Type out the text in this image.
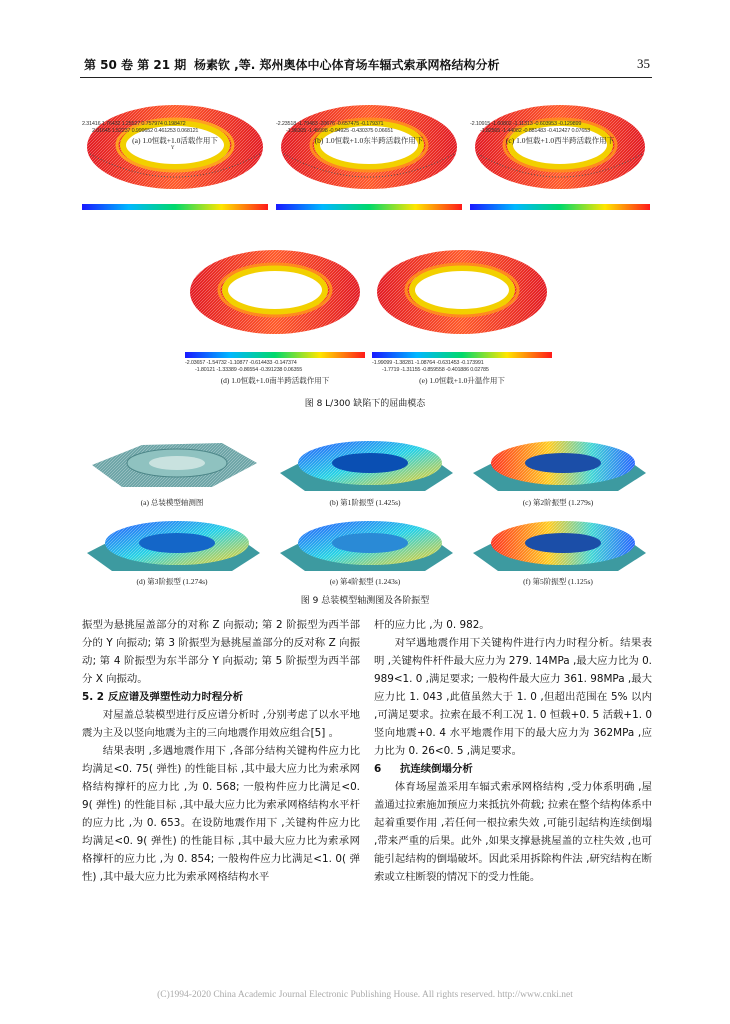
第 50 卷 第 21 期 杨素钦 ,等. 郑州奥体中心体育场车辐式索承网格结构分析	35
Y
2.31416 1.76432 1.25527 0.757974 0.198472
2.01645 1.52237 0.999652 0.461253 0.068121
(a) 1.0恒载+1.0活载作用下
-2.23518 -1.79483 -20676 -0.657475 -0.179371
-1.96305 -1.45998 -0.94925 -0.430375 0.06651
(b) 1.0恒载+1.0东半跨活载作用下
-2.10915 -1.60802 -1.11313 -0.603953 -0.129899
-1.82565 -1.44082 -0.881483 -0.412427 0.07653
(c) 1.0恒载+1.0西半跨活载作用下
-2.03657 -1.54732 -1.10877 -0.614433 -0.147374
-1.80121 -1.33389 -0.86554 -0.391238 0.06355
(d) 1.0恒载+1.0南半跨活载作用下
-1.99099 -1.38281 -1.08764 -0.631453 -0.173991
-1.7719 -1.31155 -0.859558 -0.401886 0.02785
(e) 1.0恒载+1.0升温作用下
图 8 L/300 缺陷下的屈曲模态
(a) 总装模型轴测图	(b) 第1阶振型 (1.425s)	(c) 第2阶振型 (1.279s)
(d) 第3阶振型 (1.274s)	(e) 第4阶振型 (1.243s)	(f) 第5阶振型 (1.125s)
图 9 总装模型轴测图及各阶振型

振型为悬挑屋盖部分的对称 Z 向振动; 第 2 阶振型为西半部分的 Y 向振动; 第 3 阶振型为悬挑屋盖部分的反对称 Z 向振动; 第 4 阶振型为东半部分 Y 向振动; 第 5 阶振型为西半部分 X 向振动。

5. 2 反应谱及弹塑性动力时程分析

对屋盖总装模型进行反应谱分析时 ,分别考虑了以水平地震为主及以竖向地震为主的三向地震作用效应组合[5] 。

结果表明 ,多遇地震作用下 ,各部分结构关键构件应力比均满足<0. 75( 弹性) 的性能目标 ,其中最大应力比为索承网格结构撑杆的应力比 ,为 0. 568; 一般构件应力比满足<0. 9( 弹性) 的性能目标 ,其中最大应力比为索承网格结构水平杆的应力比 ,为 0. 653。在设防地震作用下 ,关键构件应力比均满足<0. 9( 弹性) 的性能目标 ,其中最大应力比为索承网格撑杆的应力比 ,为 0. 854; 一般构件应力比满足<1. 0( 弹性) ,其中最大应力比为索承网格结构水平

杆的应力比 ,为 0. 982。

对罕遇地震作用下关键构件进行内力时程分析。结果表明 ,关键构件杆件最大应力为 279. 14MPa ,最大应力比为 0. 989<1. 0 ,满足要求; 一般构件最大应力 361. 98MPa ,最大应力比 1. 043 ,此值虽然大于 1. 0 ,但超出范围在 5% 以内 ,可满足要求。拉索在最不利工况 1. 0 恒载+0. 5 活载+1. 0 竖向地震+0. 4 水平地震作用下的最大应力为 362MPa ,应力比为 0. 26<0. 5 ,满足要求。

6 抗连续倒塌分析

体育场屋盖采用车辐式索承网格结构 ,受力体系明确 ,屋盖通过拉索施加预应力来抵抗外荷载; 拉索在整个结构体系中起着重要作用 ,若任何一根拉索失效 ,可能引起结构连续倒塌 ,带来严重的后果。此外 ,如果支撑悬挑屋盖的立柱失效 ,也可能引起结构的倒塌破坏。因此采用拆除构件法 ,研究结构在断索或立柱断裂的情况下的受力性能。

(C)1994-2020 China Academic Journal Electronic Publishing House. All rights reserved. http://www.cnki.net
